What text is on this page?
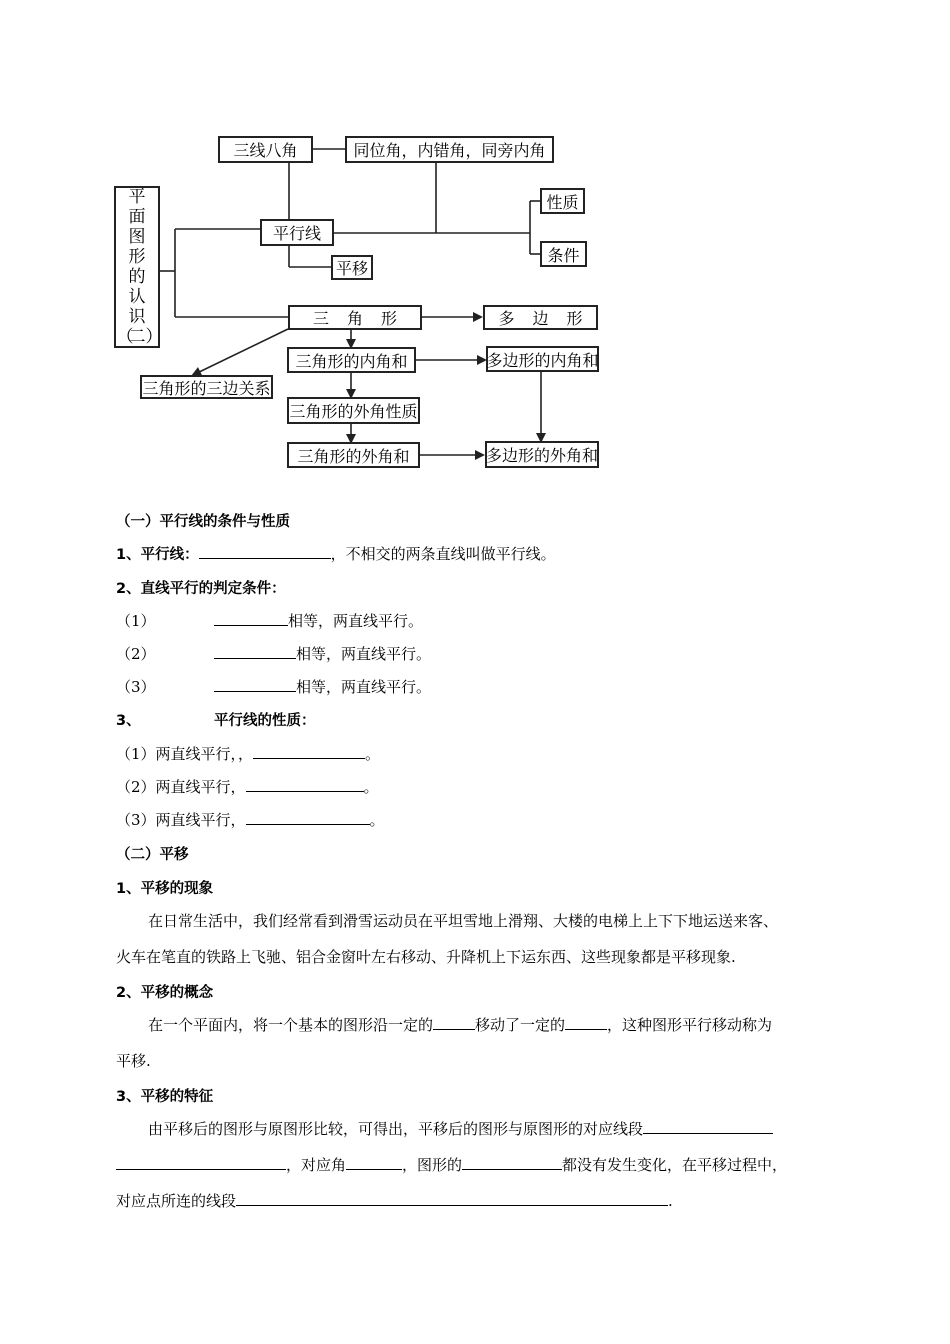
平
面
图
形
的
认
识
（
二 ）
三线八角	同位角，内错角，同旁内角
平行线
性质
条件
平移
三角形	多边形
三角形的内角和	多边形的内角和
三角形的三边关系
三角形的外角性质
三角形的外角和	多边形的外角和
（一）平行线的条件与性质
1、平行线：	，不相交的两条直线叫做平行线。
2、直线平行的判定条件：
（1）	相等，两直线平行。
（2）	相等，两直线平行。
（3）	相等，两直线平行。
3、	平行线的性质：
（1）两直线平行，，	。
（2）两直线平行，	。
（3）两直线平行，	。
（二）平移
1、平移的现象
在日常生活中，我们经常看到滑雪运动员在平坦雪地上滑翔、大楼的电梯上上下下地运送来客、
火车在笔直的铁路上飞驰、铝合金窗叶左右移动、升降机上下运东西、这些现象都是平移现象.
2、平移的概念
在一个平面内，将一个基本的图形沿一定的	移动了一定的	，这种图形平行移动称为
平移.
3、平移的特征
由平移后的图形与原图形比较，可得出，平移后的图形与原图形的对应线段
，对应角	，图形的	都没有发生变化，在平移过程中，
对应点所连的线段	.
